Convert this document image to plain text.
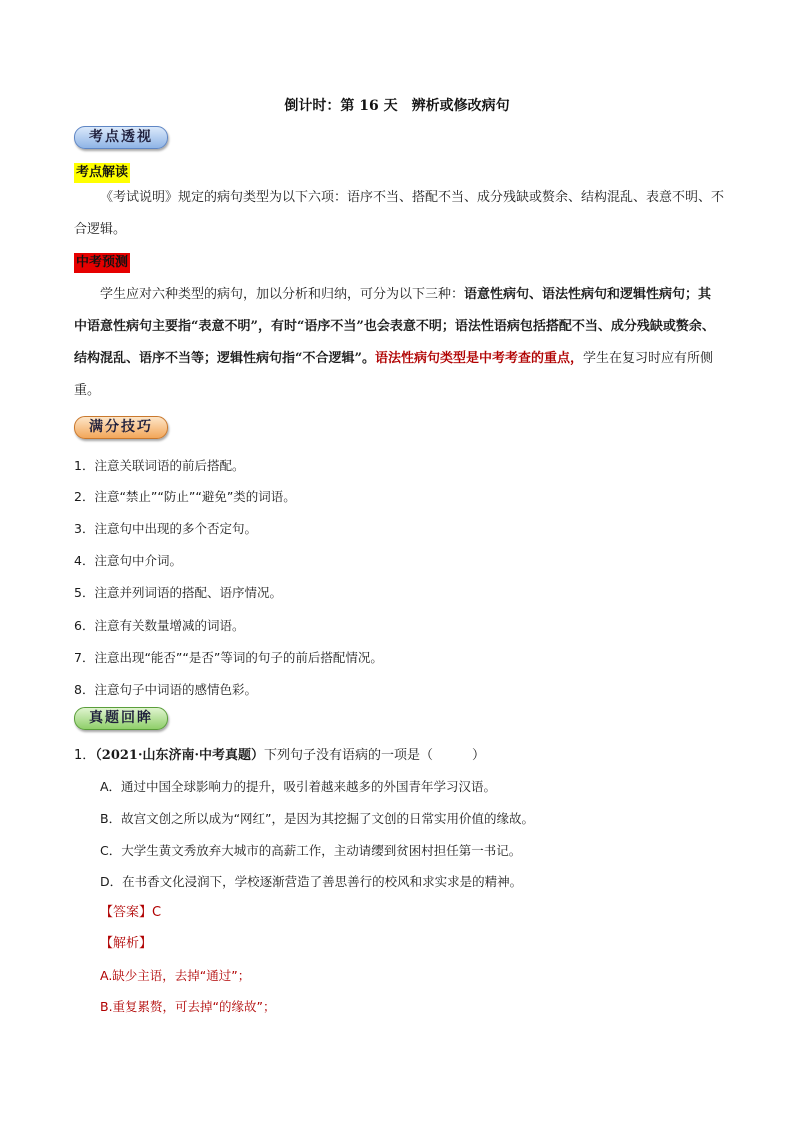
倒计时：第 16 天　辨析或修改病句
考点透视
考点解读
《考试说明》规定的病句类型为以下六项：语序不当、搭配不当、成分残缺或赘余、结构混乱、表意不明、不合逻辑。
中考预测
学生应对六种类型的病句，加以分析和归纳，可分为以下三种：语意性病句、语法性病句和逻辑性病句；其中语意性病句主要指“表意不明”，有时“语序不当”也会表意不明；语法性语病包括搭配不当、成分残缺或赘余、结构混乱、语序不当等；逻辑性病句指“不合逻辑”。语法性病句类型是中考考查的重点，学生在复习时应有所侧重。
满分技巧
1．注意关联词语的前后搭配。
2．注意“禁止”“防止”“避免”类的词语。
3．注意句中出现的多个否定句。
4．注意句中介词。
5．注意并列词语的搭配、语序情况。
6．注意有关数量增减的词语。
7．注意出现“能否”“是否”等词的句子的前后搭配情况。
8．注意句子中词语的感情色彩。
真题回眸
1．（2021·山东济南·中考真题）下列句子没有语病的一项是（　　　）
A．通过中国全球影响力的提升，吸引着越来越多的外国青年学习汉语。
B．故宫文创之所以成为“网红”，是因为其挖掘了文创的日常实用价值的缘故。
C．大学生黄文秀放弃大城市的高薪工作，主动请缨到贫困村担任第一书记。
D．在书香文化浸润下，学校逐渐营造了善思善行的校风和求实求是的精神。
【答案】C
【解析】
A.缺少主语，去掉“通过”；
B.重复累赘，可去掉“的缘故”；
